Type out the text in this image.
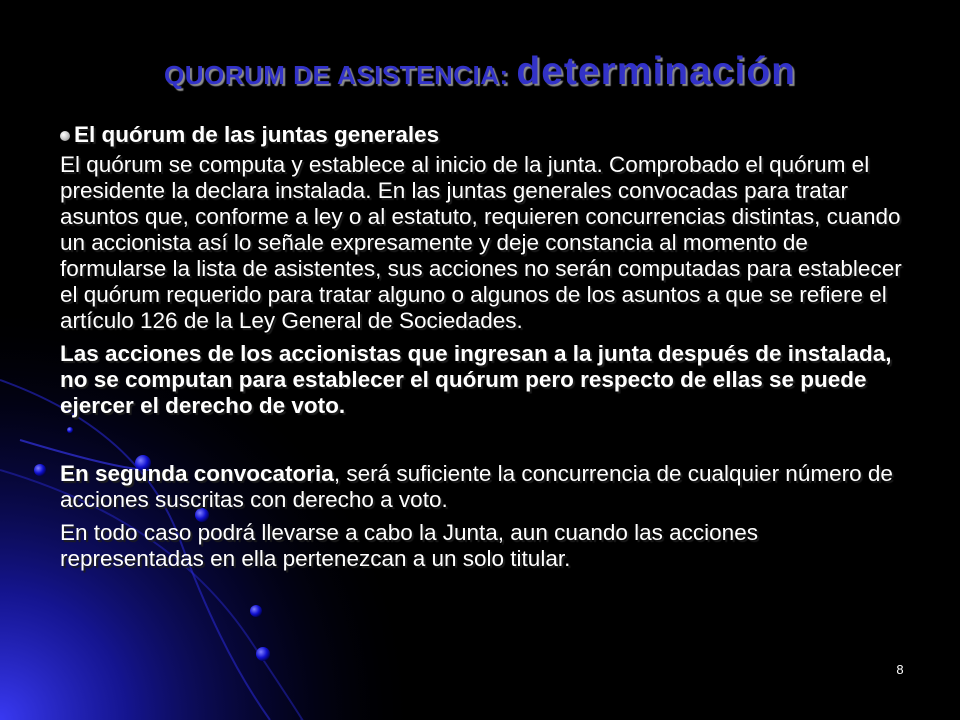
QUORUM DE ASISTENCIA: determinación

El quórum de las juntas generales

El quórum se computa y establece al inicio de la junta. Comprobado el quórum el presidente la declara instalada. En las juntas generales convocadas para tratar asuntos que, conforme a ley o al estatuto, requieren concurrencias distintas, cuando un accionista así lo señale expresamente y deje constancia al momento de formularse la lista de asistentes, sus acciones no serán computadas para establecer el quórum requerido para tratar alguno o algunos de los asuntos a que se refiere el artículo 126 de la Ley General de Sociedades.

Las acciones de los accionistas que ingresan a la junta después de instalada, no se computan para establecer el quórum pero respecto de ellas se puede ejercer el derecho de voto.

En segunda convocatoria, será suficiente la concurrencia de cualquier número de acciones suscritas con derecho a voto.

En todo caso podrá llevarse a cabo la Junta, aun cuando las acciones representadas en ella pertenezcan a un solo titular.

8
